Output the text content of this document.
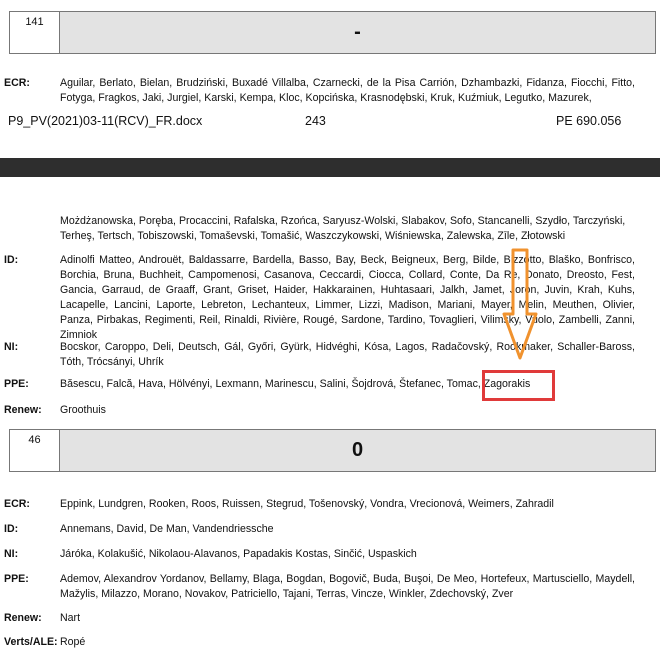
141	-
ECR:	Aguilar, Berlato, Bielan, Brudziński, Buxadé Villalba, Czarnecki, de la Pisa Carrión, Dzhambazki, Fidanza, Fiocchi, Fitto, Fotyga, Fragkos, Jaki, Jurgiel, Karski, Kempa, Kloc, Kopcińska, Krasnodębski, Kruk, Kuźmiuk, Legutko, Mazurek,
P9_PV(2021)03-11(RCV)_FR.docx	243	PE 690.056
Możdżanowska, Poręba, Procaccini, Rafalska, Rzońca, Saryusz-Wolski, Slabakov, Sofo, Stancanelli, Szydło, Tarczyński, Terheş, Tertsch, Tobiszowski, Tomaševski, Tomašić, Waszczykowski, Wiśniewska, Zalewska, Zīle, Złotowski
ID:	Adinolfi Matteo, Androuët, Baldassarre, Bardella, Basso, Bay, Beck, Beigneux, Berg, Bilde, Bizzotto, Blaško, Bonfrisco, Borchia, Bruna, Buchheit, Campomenosi, Casanova, Ceccardi, Ciocca, Collard, Conte, Da Re, Donato, Dreosto, Fest, Gancia, Garraud, de Graaff, Grant, Griset, Haider, Hakkarainen, Huhtasaari, Jalkh, Jamet, Joron, Juvin, Krah, Kuhs, Lacapelle, Lancini, Laporte, Lebreton, Lechanteux, Limmer, Lizzi, Madison, Mariani, Mayer, Melin, Meuthen, Olivier, Panza, Pirbakas, Regimenti, Reil, Rinaldi, Rivière, Rougé, Sardone, Tardino, Tovaglieri, Vilimsky, Vuolo, Zambelli, Zanni, Zimniok
NI:	Bocskor, Caroppo, Deli, Deutsch, Gál, Győri, Gyürk, Hidvéghi, Kósa, Lagos, Radačovský, Rookmaker, Schaller-Baross, Tóth, Trócsányi, Uhrík
PPE:	Băsescu, Falcă, Hava, Hölvényi, Lexmann, Marinescu, Salini, Šojdrová, Štefanec, Tomac, Zagorakis
Renew:	Groothuis
46	0
ECR:	Eppink, Lundgren, Rooken, Roos, Ruissen, Stegrud, Tošenovský, Vondra, Vrecionová, Weimers, Zahradil
ID:	Annemans, David, De Man, Vandendriessche
NI:	Járóka, Kolakušić, Nikolaou-Alavanos, Papadakis Kostas, Sinčić, Uspaskich
PPE:	Ademov, Alexandrov Yordanov, Bellamy, Blaga, Bogdan, Bogovič, Buda, Buşoi, De Meo, Hortefeux, Martusciello, Maydell, Mažylis, Milazzo, Morano, Novakov, Patriciello, Tajani, Terras, Vincze, Winkler, Zdechovský, Zver
Renew:	Nart
Verts/ALE: Ropé
